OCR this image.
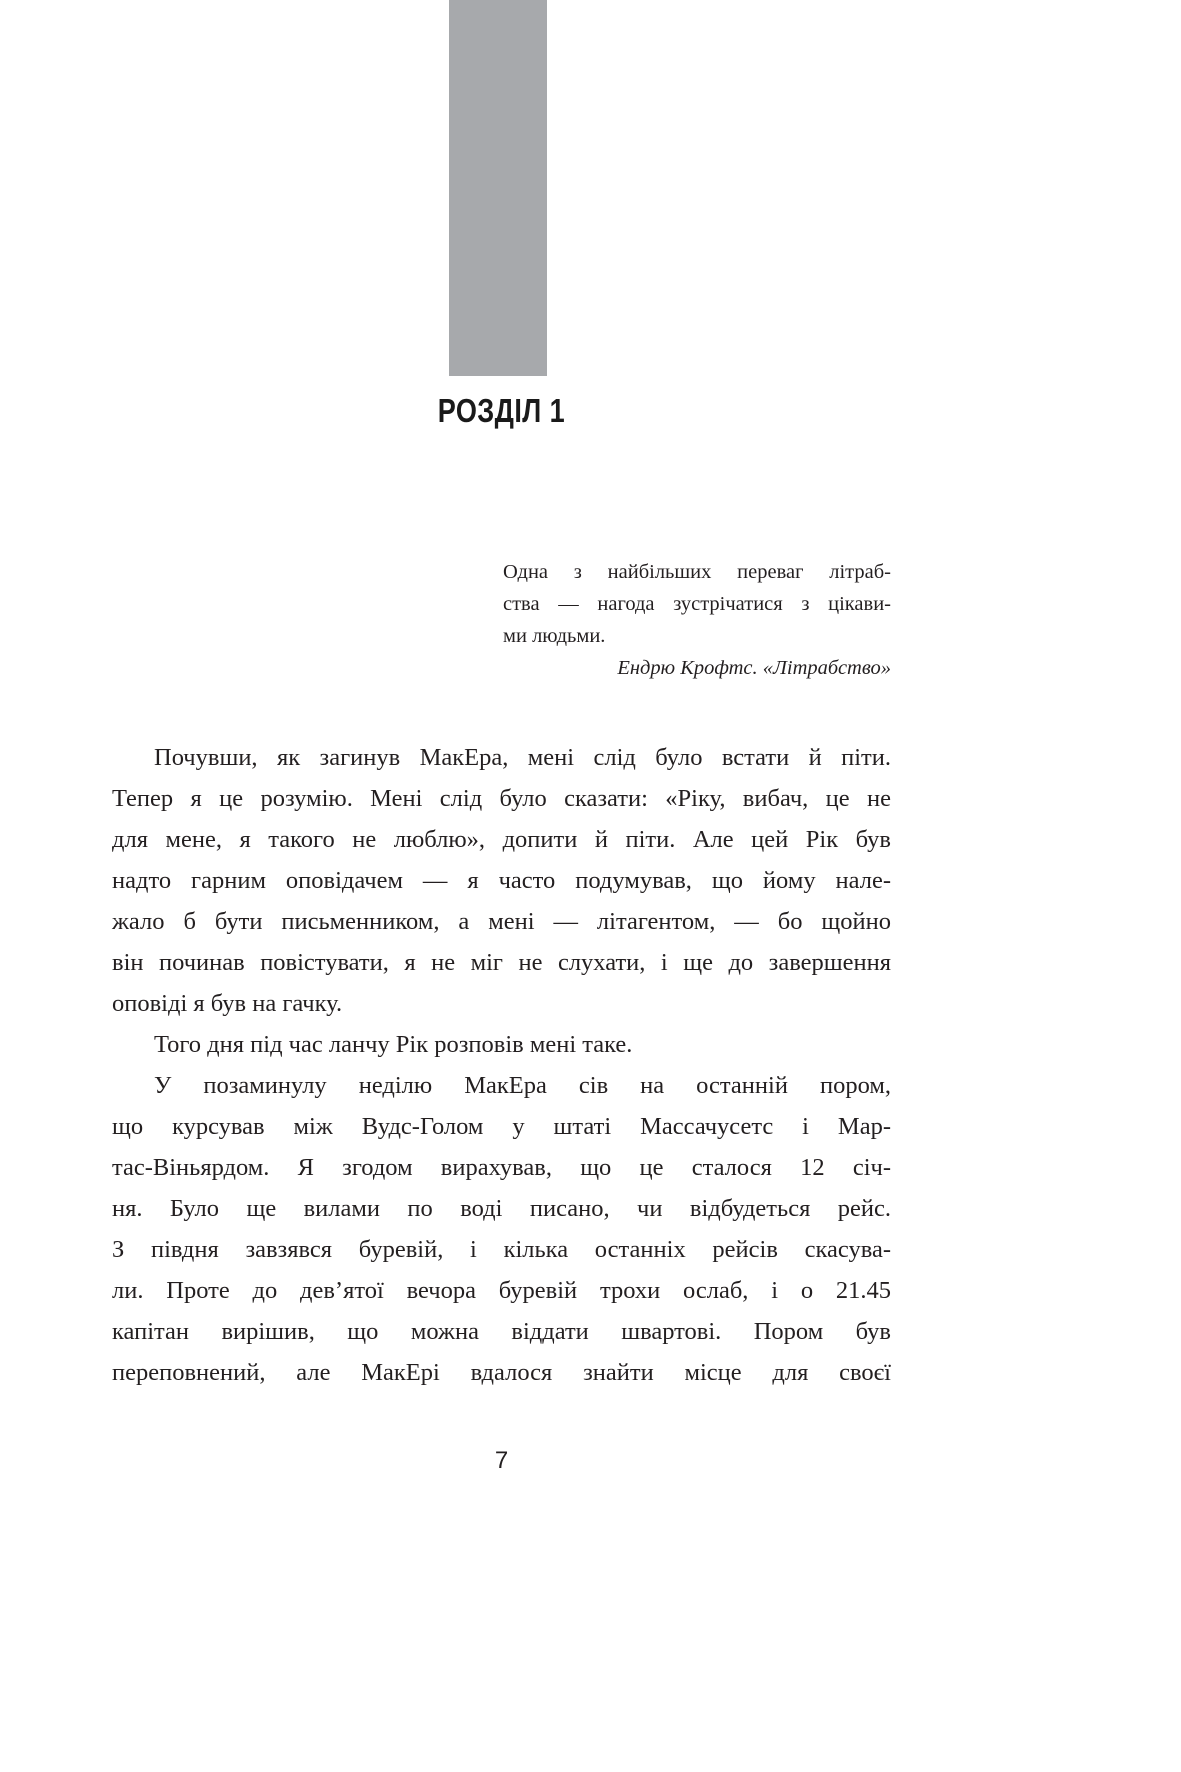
РОЗДІЛ 1
Одна з найбільших переваг літраб-
ства — нагода зустрічатися з цікави-
ми людьми.
Ендрю Крофтс. «Літрабство»
Почувши, як загинув МакЕра, мені слід було встати й піти.
Тепер я це розумію. Мені слід було сказати: «Ріку, вибач, це не
для мене, я такого не люблю», допити й піти. Але цей Рік був
надто гарним оповідачем — я часто подумував, що йому нале-
жало б бути письменником, а мені — літагентом, — бо щойно
він починав повістувати, я не міг не слухати, і ще до завершення
оповіді я був на гачку.
Того дня під час ланчу Рік розповів мені таке.
У позаминулу неділю МакЕра сів на останній пором,
що курсував між Вудс-Голом у штаті Массачусетс і Мар-
тас-Віньярдом. Я згодом вирахував, що це сталося 12 січ-
ня. Було ще вилами по воді писано, чи відбудеться рейс.
З півдня завзявся буревій, і кілька останніх рейсів скасува-
ли. Проте до дев’ятої вечора буревій трохи ослаб, і о 21.45
капітан вирішив, що можна віддати швартові. Пором був
переповнений, але МакЕрі вдалося знайти місце для своєї
7
